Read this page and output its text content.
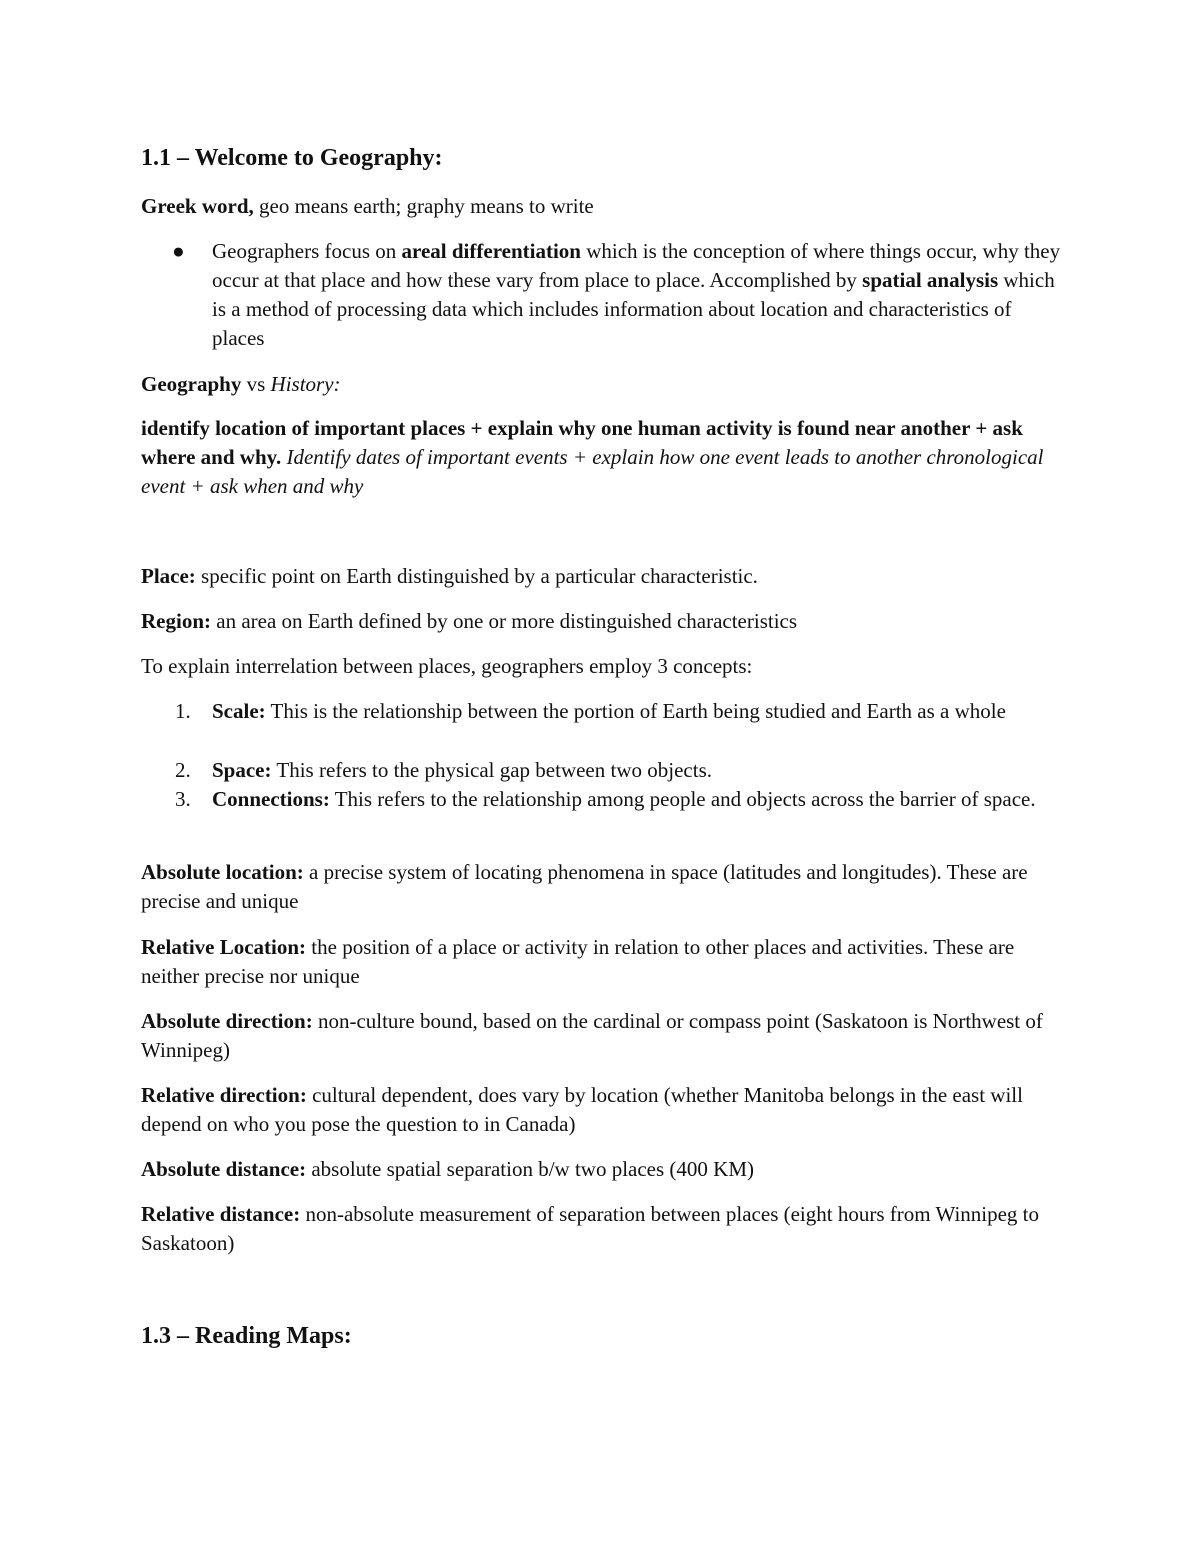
1.1 – Welcome to Geography:

Greek word, geo means earth; graphy means to write

● Geographers focus on areal differentiation which is the conception of where things occur, why they occur at that place and how these vary from place to place. Accomplished by spatial analysis which is a method of processing data which includes information about location and characteristics of places

Geography vs History:

identify location of important places + explain why one human activity is found near another + ask where and why. Identify dates of important events + explain how one event leads to another chronological event + ask when and why

Place: specific point on Earth distinguished by a particular characteristic.

Region: an area on Earth defined by one or more distinguished characteristics

To explain interrelation between places, geographers employ 3 concepts:

1. Scale: This is the relationship between the portion of Earth being studied and Earth as a whole
2. Space: This refers to the physical gap between two objects.
3. Connections: This refers to the relationship among people and objects across the barrier of space.

Absolute location: a precise system of locating phenomena in space (latitudes and longitudes). These are precise and unique

Relative Location: the position of a place or activity in relation to other places and activities. These are neither precise nor unique

Absolute direction: non-culture bound, based on the cardinal or compass point (Saskatoon is Northwest of Winnipeg)

Relative direction: cultural dependent, does vary by location (whether Manitoba belongs in the east will depend on who you pose the question to in Canada)

Absolute distance: absolute spatial separation b/w two places (400 KM)

Relative distance: non-absolute measurement of separation between places (eight hours from Winnipeg to Saskatoon)

1.3 – Reading Maps:
